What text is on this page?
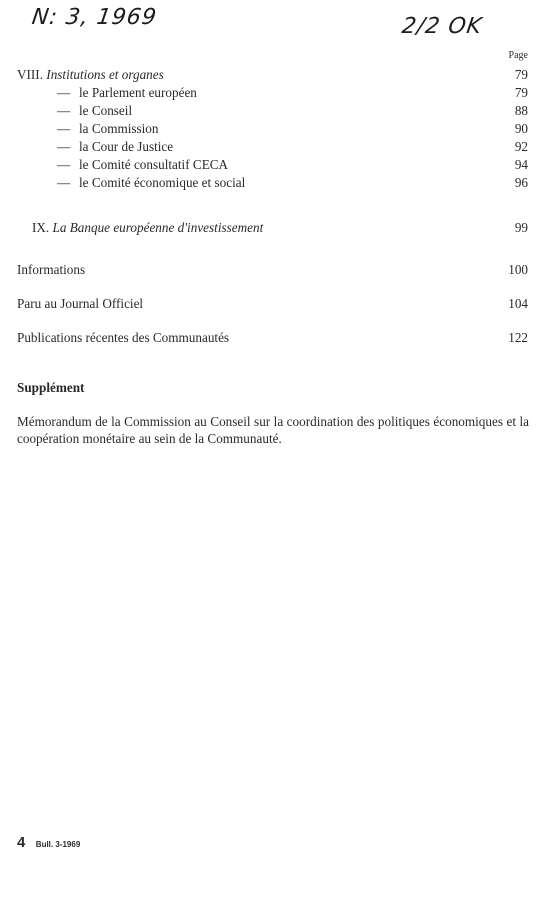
N: 3, 1969	2/2 OK
Page
VIII. Institutions et organes	79
— le Parlement européen	79
— le Conseil	88
— la Commission	90
— la Cour de Justice	92
— le Comité consultatif CECA	94
— le Comité économique et social	96
IX. La Banque européenne d'investissement	99
Informations	100
Paru au Journal Officiel	104
Publications récentes des Communautés	122
Supplément
Mémorandum de la Commission au Conseil sur la coordination des politiques économiques et la coopération monétaire au sein de la Communauté.
4 Bull. 3-1969
